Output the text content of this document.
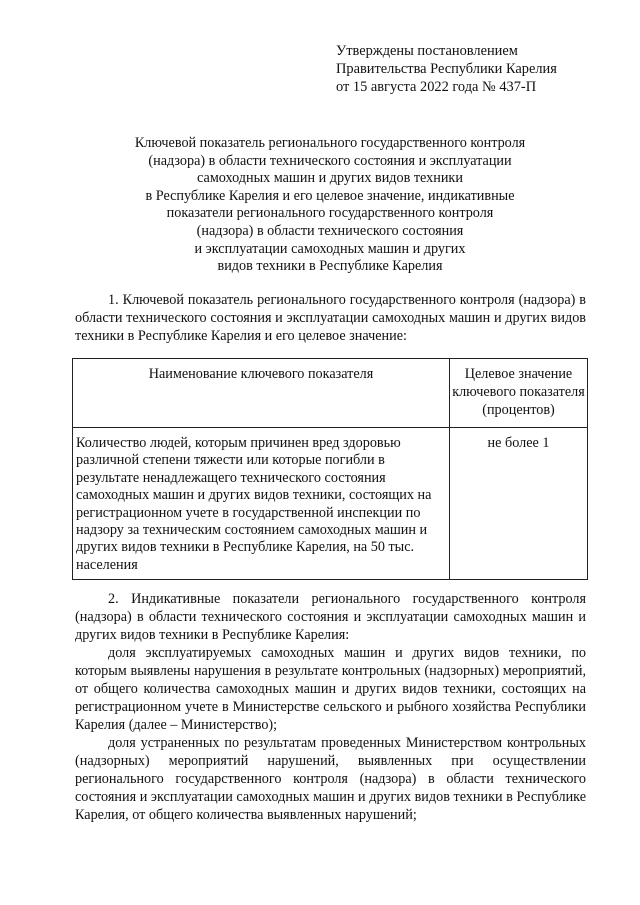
Утверждены постановлением
Правительства Республики Карелия
от 15 августа 2022 года № 437-П
Ключевой показатель регионального государственного контроля
(надзора) в области технического состояния и эксплуатации
самоходных машин и других видов техники
в Республике Карелия и его целевое значение, индикативные
показатели регионального государственного контроля
(надзора) в области технического состояния
и эксплуатации самоходных машин и других
видов техники в Республике Карелия

1. Ключевой показатель регионального государственного контроля (надзора) в области технического состояния и эксплуатации самоходных машин и других видов техники в Республике Карелия и его целевое значение:

Наименование ключевого показателя	Целевое значение ключевого показателя (процентов)
Количество людей, которым причинен вред здоровью различной степени тяжести или которые погибли в результате ненадлежащего технического состояния самоходных машин и других видов техники, состоящих на регистрационном учете в государственной инспекции по надзору за техническим состоянием самоходных машин и других видов техники в Республике Карелия, на 50 тыс. населения	не более 1

2. Индикативные показатели регионального государственного контроля (надзора) в области технического состояния и эксплуатации самоходных машин и других видов техники в Республике Карелия:

доля эксплуатируемых самоходных машин и других видов техники, по которым выявлены нарушения в результате контрольных (надзорных) мероприятий, от общего количества самоходных машин и других видов техники, состоящих на регистрационном учете в Министерстве сельского и рыбного хозяйства Республики Карелия (далее – Министерство);

доля устраненных по результатам проведенных Министерством контрольных (надзорных) мероприятий нарушений, выявленных при осуществлении регионального государственного контроля (надзора) в области технического состояния и эксплуатации самоходных машин и других видов техники в Республике Карелия, от общего количества выявленных нарушений;
